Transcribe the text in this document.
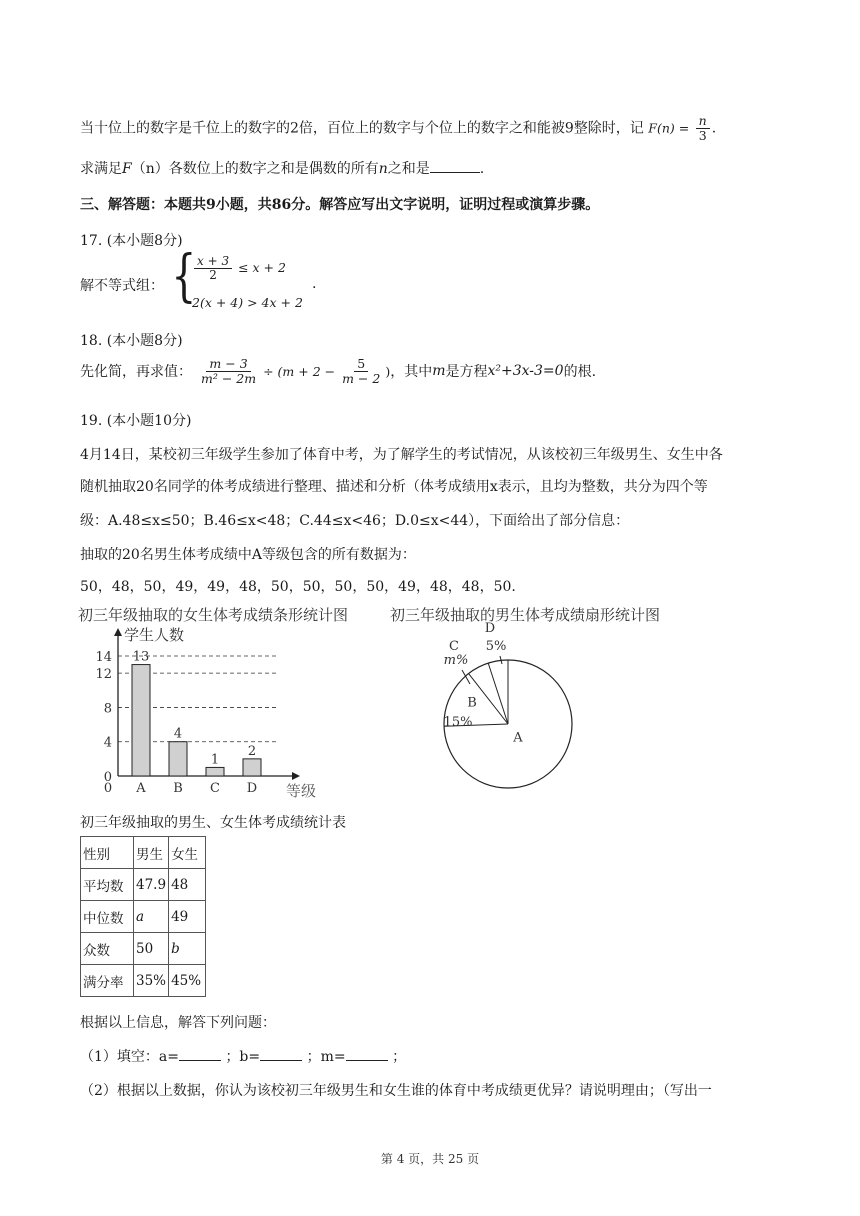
当十位上的数字是千位上的数字的2倍，百位上的数字与个位上的数字之和能被9整除时，记 $F(n) = \frac{n}{3}$ .
求满足F（n）各数位上的数字之和是偶数的所有n之和是	.
三、解答题：本题共9小题，共86分。解答应写出文字说明，证明过程或演算步骤。
17. (本小题8分)
解不等式组： {
$\frac{x + 3}{2} \le x + 2$
2(x + 4) > 4x + 2
.
18. (本小题8分)
先化简，再求值： $\frac{m - 3}{\text{m² − 2m}} \div (m + 2 - \frac{5}{m - 2}$ ) ，其中 m 是方程 x²+3x-3=0 的根.
19. (本小题10分)
4月14日，某校初三年级学生参加了体育中考，为了解学生的考试情况，从该校初三年级男生、女生中各
随机抽取20名同学的体考成绩进行整理、描述和分析（体考成绩用x表示，且均为整数，共分为四个等
级：A.48≤x≤50；B.46≤x<48；C.44≤x<46；D.0≤x<44），下面给出了部分信息：
抽取的20名男生体考成绩中A等级包含的所有数据为：
50，48，50，49，49，48，50，50，50，50，49，48，48，50.
初三年级抽取的女生体考成绩条形统计图	初三年级抽取的男生体考成绩扇形统计图
学生人数
0
4
8
12
14 13
A
4
B
1
C
2
D
0	等级
A
B
15%
C
m%
D
5%
初三年级抽取的男生、女生体考成绩统计表
性别	男生	女生
平均数	47.9	48
中位数	a	49
众数	50	b
满分率	35%	45%
根据以上信息，解答下列问题：
（1）填空：a=	；b=	；m=	；
（2）根据以上数据，你认为该校初三年级男生和女生谁的体育中考成绩更优异？请说明理由；（写出一
第 4 页，共 25 页
